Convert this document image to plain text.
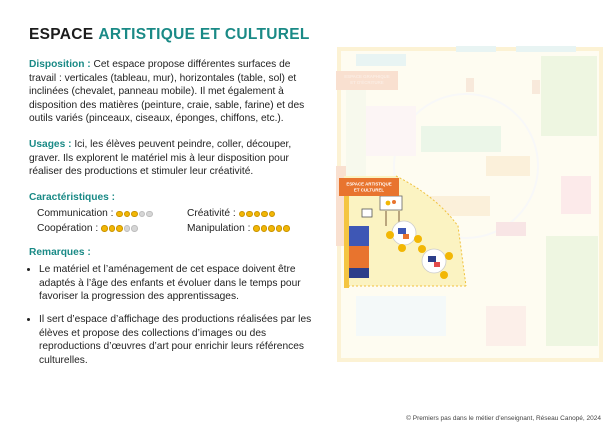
ESPACE ARTISTIQUE ET CULTUREL

Disposition : Cet espace propose différentes surfaces de travail : verticales (tableau, mur), horizontales (table, sol) et inclinées (chevalet, panneau mobile). Il met également à disposition des matières (peinture, craie, sable, farine) et des outils variés (pinceaux, ciseaux, éponges, chiffons, etc.).

Usages : Ici, les élèves peuvent peindre, coller, découper, graver. Ils explorent le matériel mis à leur disposition pour réaliser des productions et stimuler leur créativité.

Caractéristiques :
Communication :	Créativité :
Coopération :	Manipulation :
Remarques :
• Le matériel et l’aménagement de cet espace doivent être adaptés à l’âge des enfants et évoluer dans le temps pour favoriser la progression des apprentissages.
• Il sert d’espace d’affichage des productions réalisées par les élèves et propose des collections d’images ou des reproductions d’œuvres d’art pour enrichir leurs références culturelles.
ESPACE GRAPHIQUE
ET D'ÉCRITURE
ESPACE ARTISTIQUE
ET CULTUREL
© Premiers pas dans le métier d’enseignant, Réseau Canopé, 2024
